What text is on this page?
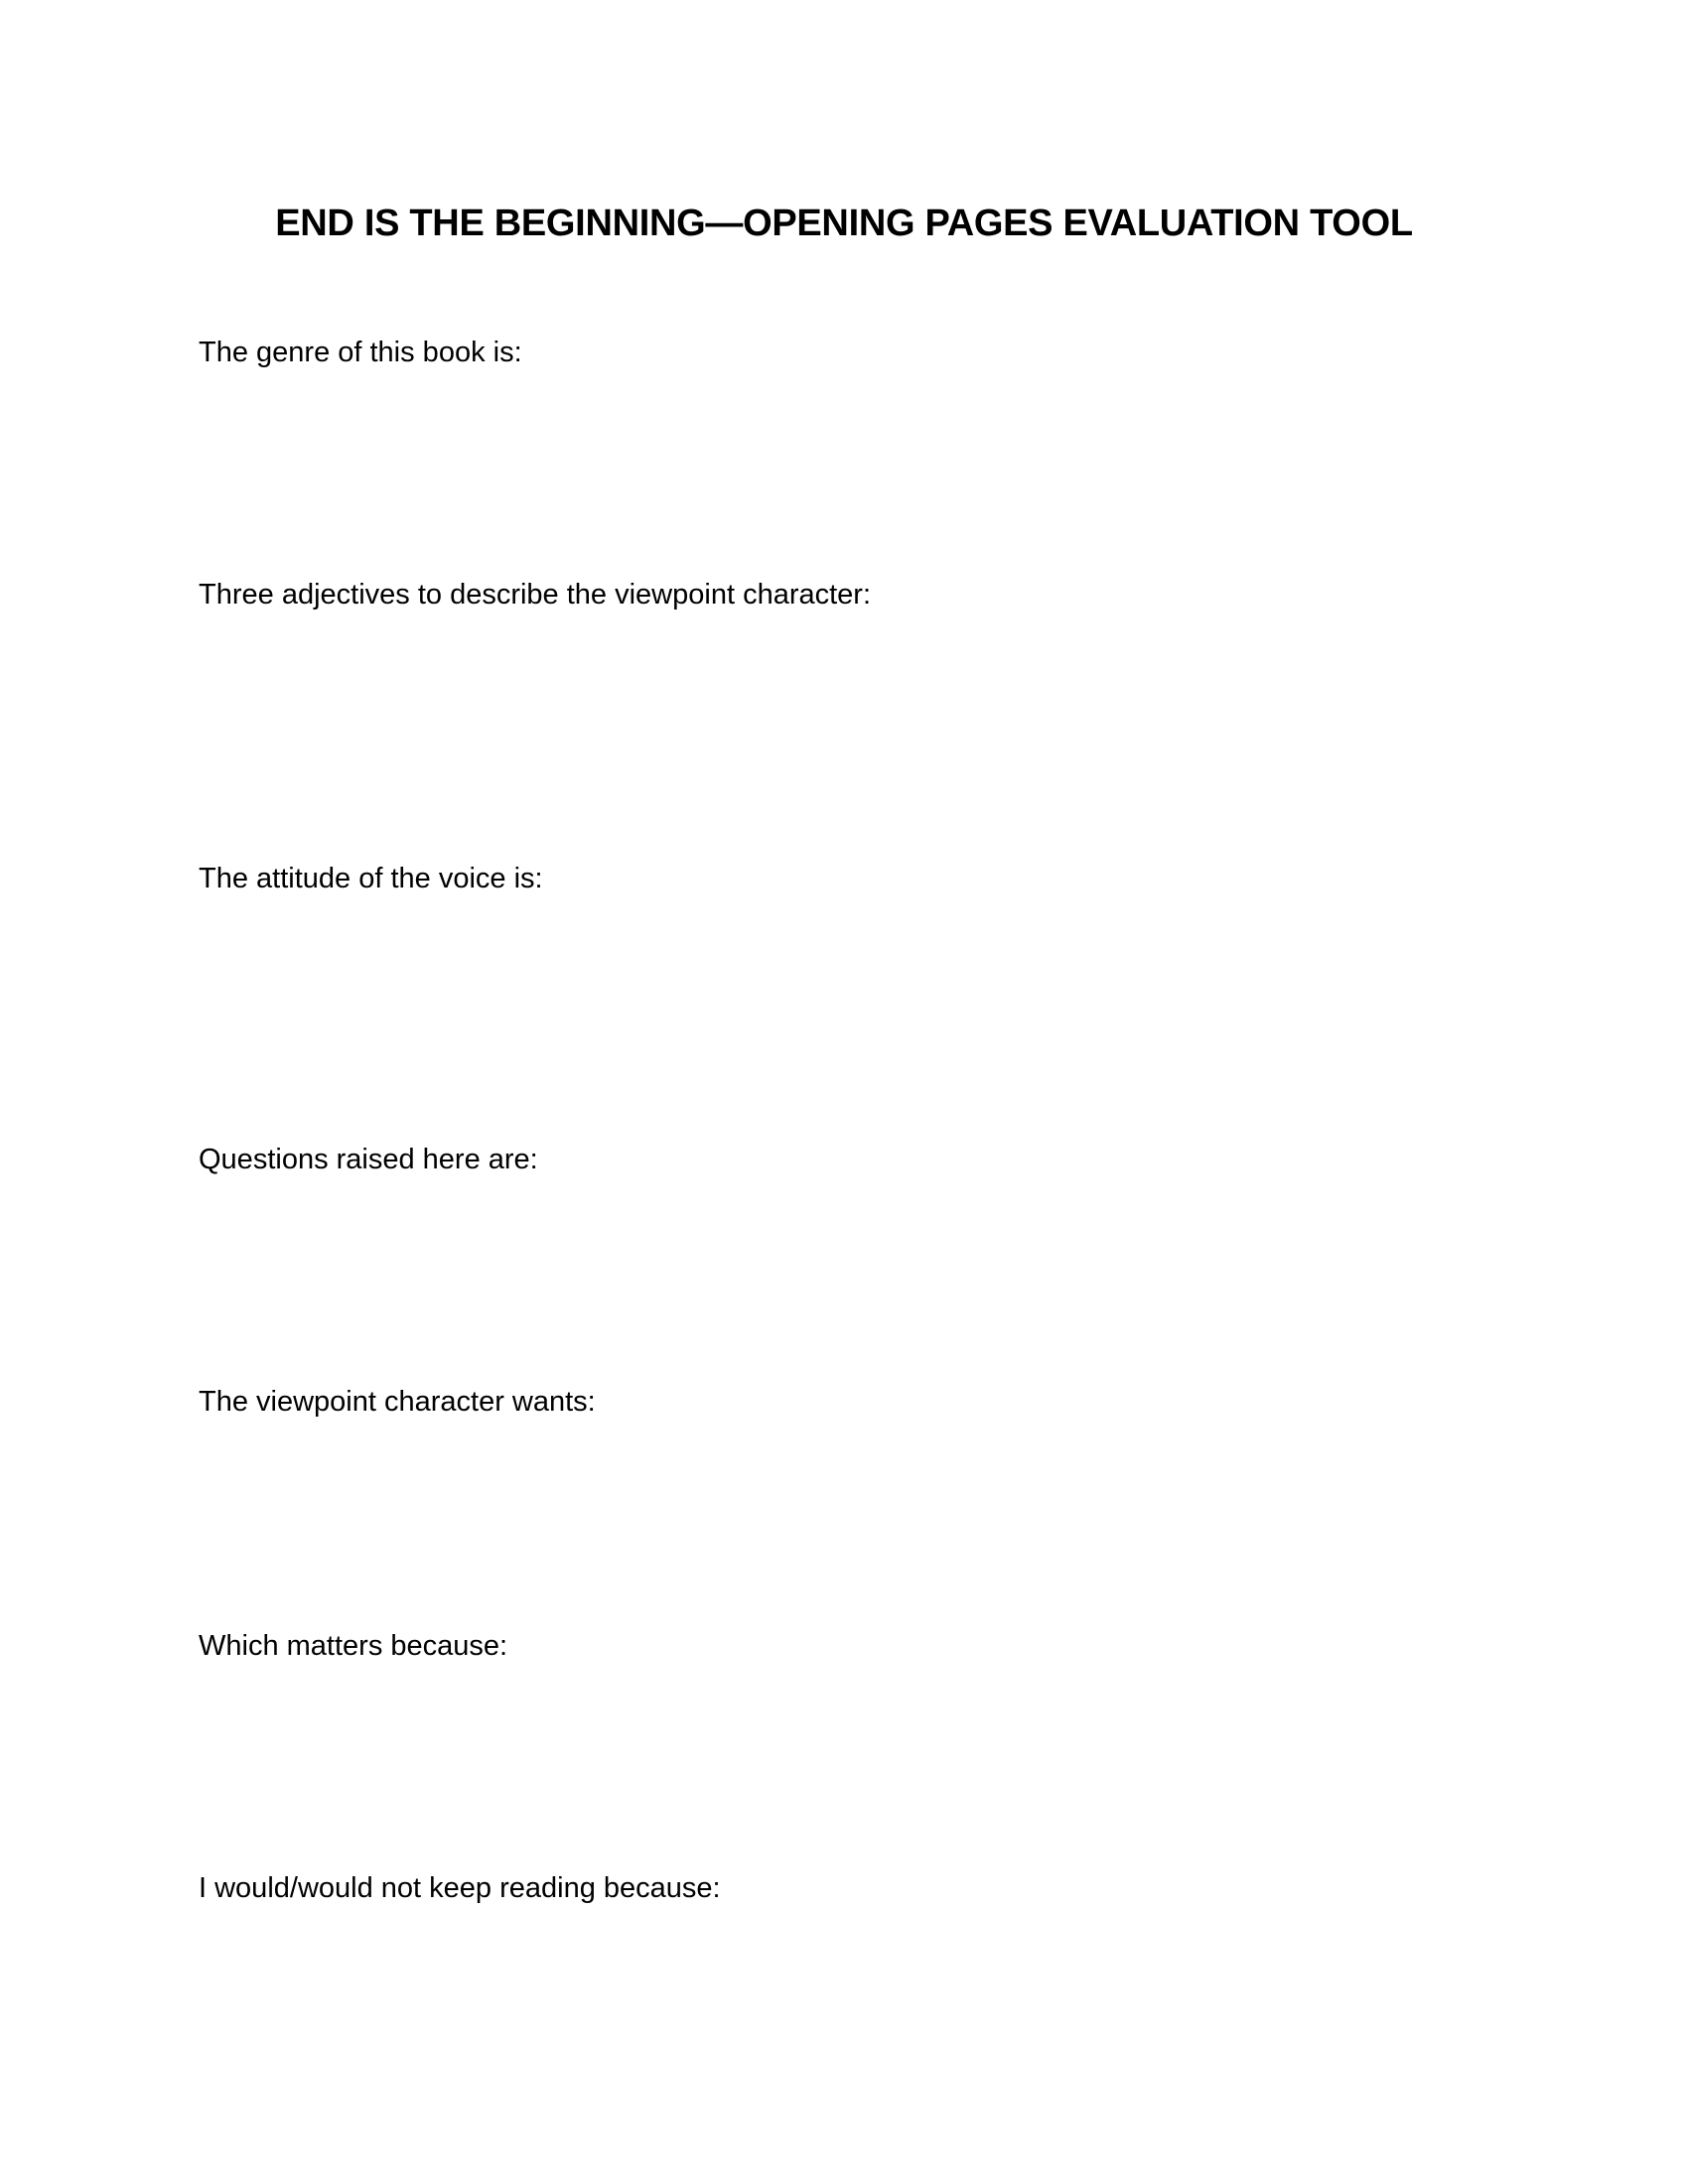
END IS THE BEGINNING—OPENING PAGES EVALUATION TOOL
The genre of this book is:
Three adjectives to describe the viewpoint character:
The attitude of the voice is:
Questions raised here are:
The viewpoint character wants:
Which matters because:
I would/would not keep reading because:
